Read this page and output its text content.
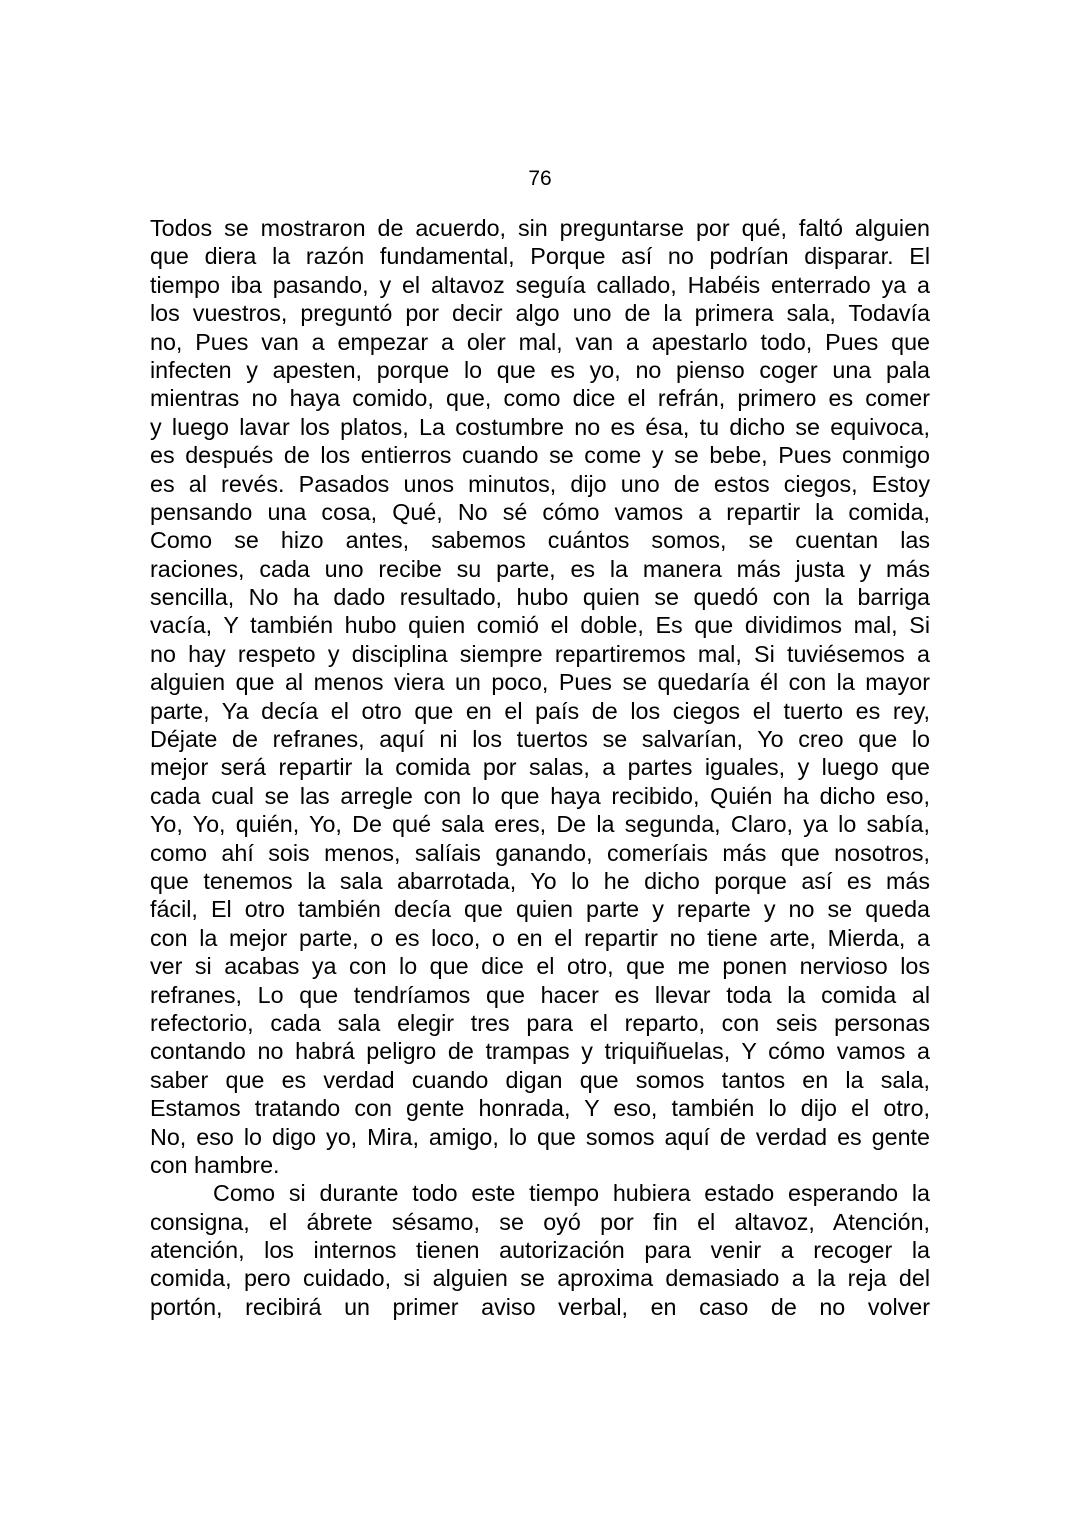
76
Todos se mostraron de acuerdo, sin preguntarse por qué, faltó alguien
que diera la razón fundamental, Porque así no podrían disparar. El
tiempo iba pasando, y el altavoz seguía callado, Habéis enterrado ya a
los vuestros, preguntó por decir algo uno de la primera sala, Todavía
no, Pues van a empezar a oler mal, van a apestarlo todo, Pues que
infecten y apesten, porque lo que es yo, no pienso coger una pala
mientras no haya comido, que, como dice el refrán, primero es comer
y luego lavar los platos, La costumbre no es ésa, tu dicho se equivoca,
es después de los entierros cuando se come y se bebe, Pues conmigo
es al revés. Pasados unos minutos, dijo uno de estos ciegos, Estoy
pensando una cosa, Qué, No sé cómo vamos a repartir la comida,
Como se hizo antes, sabemos cuántos somos, se cuentan las
raciones, cada uno recibe su parte, es la manera más justa y más
sencilla, No ha dado resultado, hubo quien se quedó con la barriga
vacía, Y también hubo quien comió el doble, Es que dividimos mal, Si
no hay respeto y disciplina siempre repartiremos mal, Si tuviésemos a
alguien que al menos viera un poco, Pues se quedaría él con la mayor
parte, Ya decía el otro que en el país de los ciegos el tuerto es rey,
Déjate de refranes, aquí ni los tuertos se salvarían, Yo creo que lo
mejor será repartir la comida por salas, a partes iguales, y luego que
cada cual se las arregle con lo que haya recibido, Quién ha dicho eso,
Yo, Yo, quién, Yo, De qué sala eres, De la segunda, Claro, ya lo sabía,
como ahí sois menos, salíais ganando, comeríais más que nosotros,
que tenemos la sala abarrotada, Yo lo he dicho porque así es más
fácil, El otro también decía que quien parte y reparte y no se queda
con la mejor parte, o es loco, o en el repartir no tiene arte, Mierda, a
ver si acabas ya con lo que dice el otro, que me ponen nervioso los
refranes, Lo que tendríamos que hacer es llevar toda la comida al
refectorio, cada sala elegir tres para el reparto, con seis personas
contando no habrá peligro de trampas y triquiñuelas, Y cómo vamos a
saber que es verdad cuando digan que somos tantos en la sala,
Estamos tratando con gente honrada, Y eso, también lo dijo el otro,
No, eso lo digo yo, Mira, amigo, lo que somos aquí de verdad es gente
con hambre.
Como si durante todo este tiempo hubiera estado esperando la
consigna, el ábrete sésamo, se oyó por fin el altavoz, Atención,
atención, los internos tienen autorización para venir a recoger la
comida, pero cuidado, si alguien se aproxima demasiado a la reja del
portón, recibirá un primer aviso verbal, en caso de no volver
